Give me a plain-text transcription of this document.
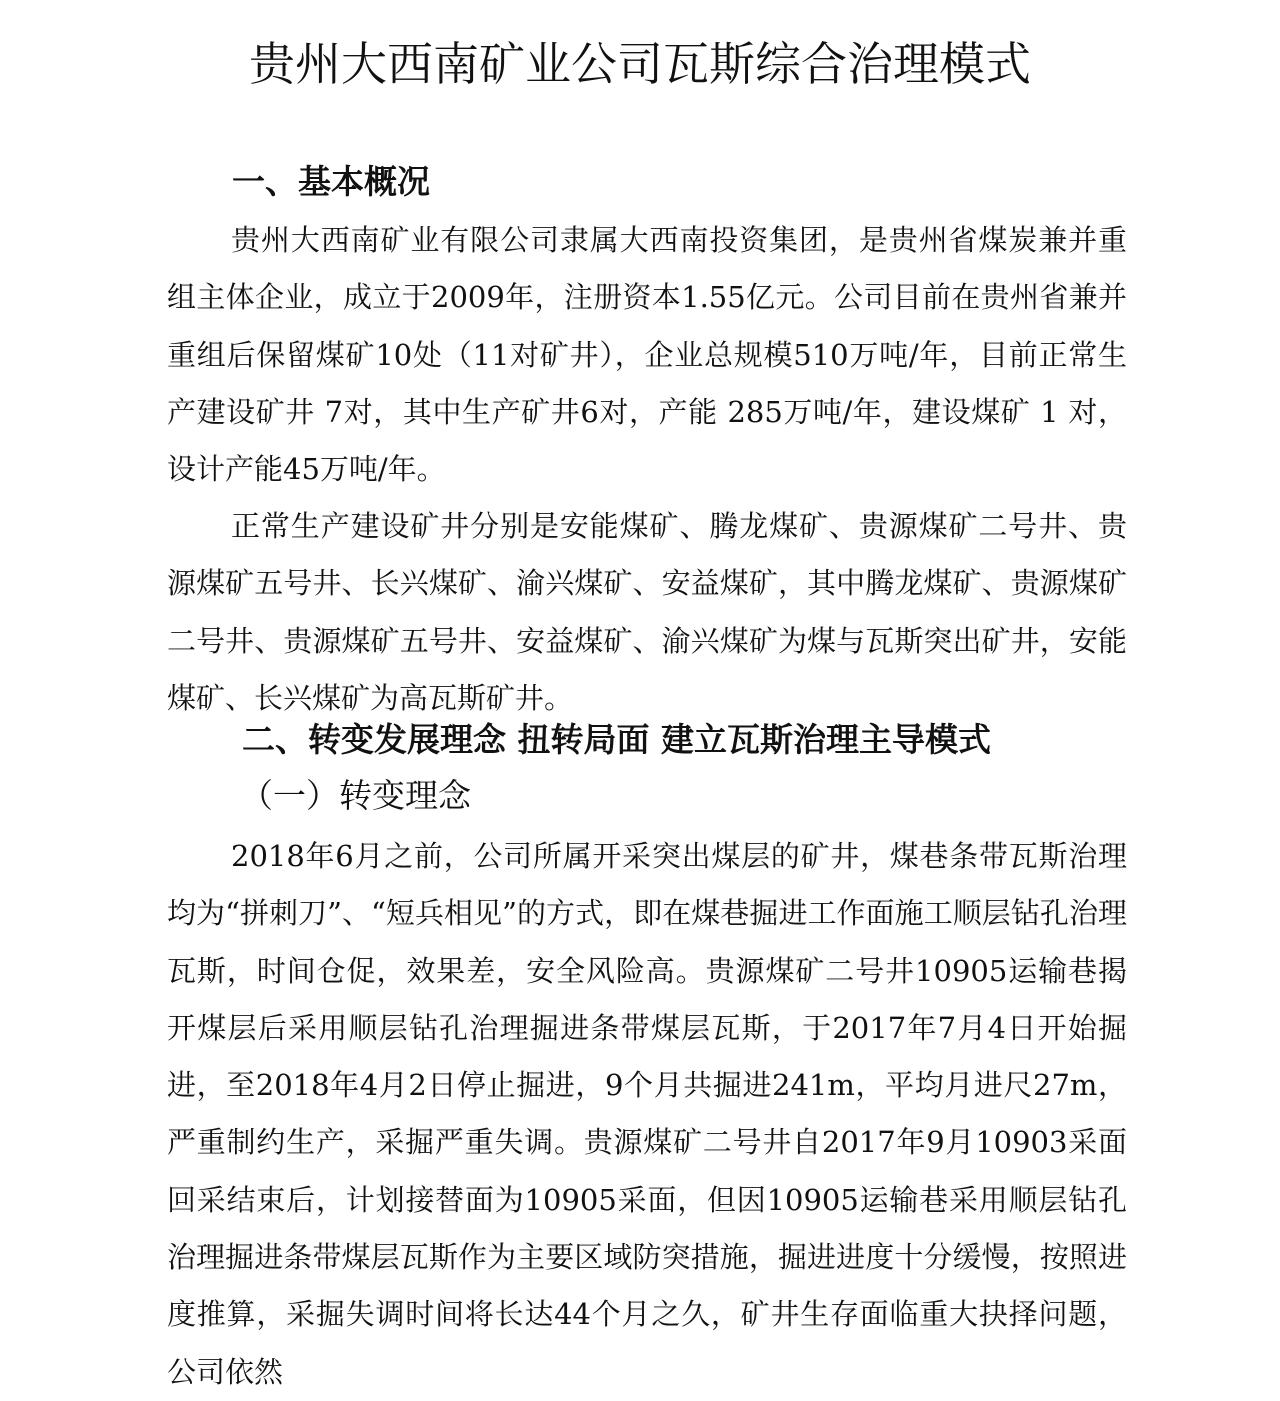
贵州大西南矿业公司瓦斯综合治理模式
一、基本概况

贵州大西南矿业有限公司隶属大西南投资集团，是贵州省煤炭兼并重组主体企业，成立于2009年，注册资本1.55亿元。公司目前在贵州省兼并重组后保留煤矿10处（11对矿井），企业总规模510万吨/年，目前正常生产建设矿井 7对，其中生产矿井6对，产能 285万吨/年，建设煤矿 1 对，设计产能45万吨/年。

正常生产建设矿井分别是安能煤矿、腾龙煤矿、贵源煤矿二号井、贵源煤矿五号井、长兴煤矿、渝兴煤矿、安益煤矿，其中腾龙煤矿、贵源煤矿二号井、贵源煤矿五号井、安益煤矿、渝兴煤矿为煤与瓦斯突出矿井，安能煤矿、长兴煤矿为高瓦斯矿井。

二、转变发展理念 扭转局面 建立瓦斯治理主导模式
（一）转变理念

2018年6月之前，公司所属开采突出煤层的矿井，煤巷条带瓦斯治理均为“拼刺刀”、“短兵相见”的方式，即在煤巷掘进工作面施工顺层钻孔治理瓦斯，时间仓促，效果差，安全风险高。贵源煤矿二号井10905运输巷揭开煤层后采用顺层钻孔治理掘进条带煤层瓦斯，于2017年7月4日开始掘进，至2018年4月2日停止掘进，9个月共掘进241m，平均月进尺27m，严重制约生产，采掘严重失调。贵源煤矿二号井自2017年9月10903采面回采结束后，计划接替面为10905采面，但因10905运输巷采用顺层钻孔治理掘进条带煤层瓦斯作为主要区域防突措施，掘进进度十分缓慢，按照进度推算，采掘失调时间将长达44个月之久，矿井生存面临重大抉择问题，公司依然
